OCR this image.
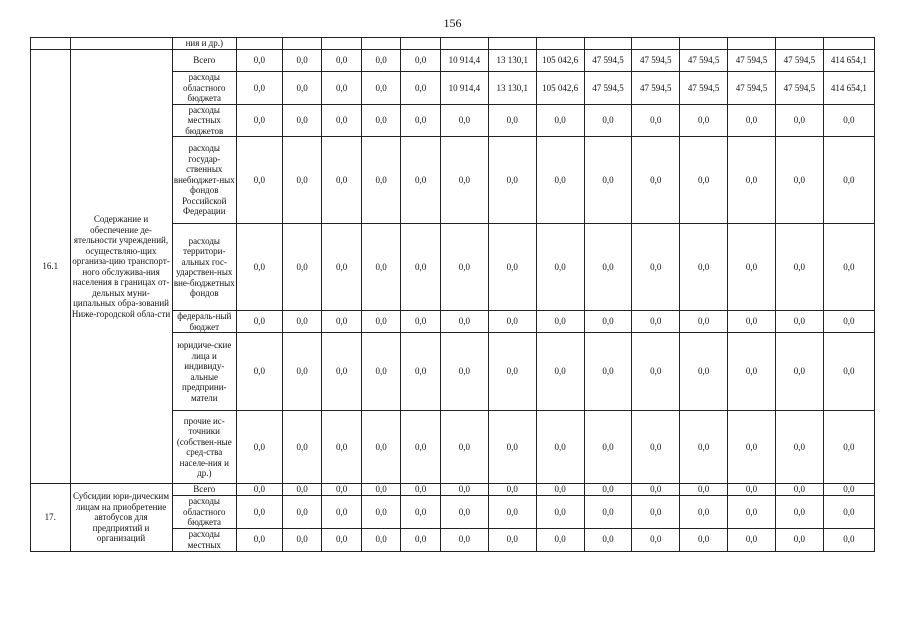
156
		ния и др.)														
16.1	Содержание и обеспечение де-ятельности учреждений, осуществляю-щих организа-цию транспорт-ного обслужива-ния населения в границах от-дельных муни-ципальных обра-зований Ниже-городской обла-сти	Всего	0,0	0,0	0,0	0,0	0,0	10 914,4	13 130,1	105 042,6	47 594,5	47 594,5	47 594,5	47 594,5	47 594,5	414 654,1
		расходы областного бюджета	0,0	0,0	0,0	0,0	0,0	10 914,4	13 130,1	105 042,6	47 594,5	47 594,5	47 594,5	47 594,5	47 594,5	414 654,1
		расходы местных бюджетов	0,0	0,0	0,0	0,0	0,0	0,0	0,0	0,0	0,0	0,0	0,0	0,0	0,0	0,0
		расходы государ-ственных внебюджет-ных фондов Российской Федерации	0,0	0,0	0,0	0,0	0,0	0,0	0,0	0,0	0,0	0,0	0,0	0,0	0,0	0,0
		расходы территори-альных гос-ударствен-ных вне-бюджетных фондов	0,0	0,0	0,0	0,0	0,0	0,0	0,0	0,0	0,0	0,0	0,0	0,0	0,0	0,0
		федераль-ный бюджет	0,0	0,0	0,0	0,0	0,0	0,0	0,0	0,0	0,0	0,0	0,0	0,0	0,0	0,0
		юридиче-ские лица и индивиду-альные предприни-матели	0,0	0,0	0,0	0,0	0,0	0,0	0,0	0,0	0,0	0,0	0,0	0,0	0,0	0,0
		прочие ис-точники (собствен-ные сред-ства населе-ния и др.)	0,0	0,0	0,0	0,0	0,0	0,0	0,0	0,0	0,0	0,0	0,0	0,0	0,0	0,0
17.	Субсидии юри-дическим лицам на приобретение автобусов для предприятий и организаций	Всего	0,0	0,0	0,0	0,0	0,0	0,0	0,0	0,0	0,0	0,0	0,0	0,0	0,0	0,0
		расходы областного бюджета	0,0	0,0	0,0	0,0	0,0	0,0	0,0	0,0	0,0	0,0	0,0	0,0	0,0	0,0
		расходы местных	0,0	0,0	0,0	0,0	0,0	0,0	0,0	0,0	0,0	0,0	0,0	0,0	0,0	0,0
